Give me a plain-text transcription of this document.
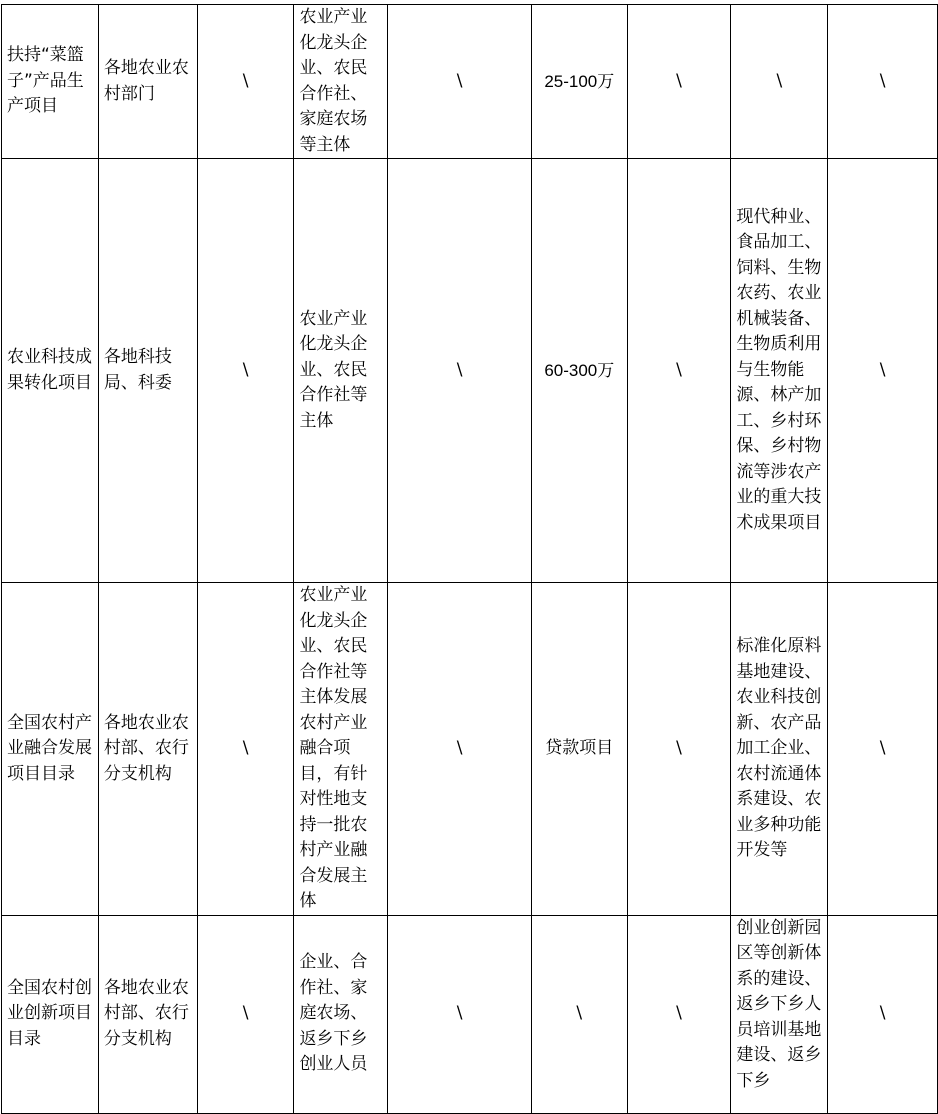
扶持“菜篮子”产品生产项目	各地农业农村部门	\	农业产业化龙头企业、农民合作社、家庭农场等主体	\	25-100万	\	\	\
农业科技成果转化项目	各地科技局、科委	\	农业产业化龙头企业、农民合作社等主体	\	60-300万	\	现代种业、食品加工、饲料、生物农药、农业机械装备、生物质利用与生物能源、林产加工、乡村环保、乡村物流等涉农产业的重大技术成果项目	\
全国农村产业融合发展项目目录	各地农业农村部、农行分支机构	\	农业产业化龙头企业、农民合作社等主体发展农村产业融合项目，有针对性地支持一批农村产业融合发展主体	\	贷款项目	\	标准化原料基地建设、农业科技创新、农产品加工企业、农村流通体系建设、农业多种功能开发等	\
全国农村创业创新项目目录	各地农业农村部、农行分支机构	\	企业、合作社、家庭农场、返乡下乡创业人员	\	\	\	创业创新园区等创新体系的建设、返乡下乡人员培训基地建设、返乡下乡	\
